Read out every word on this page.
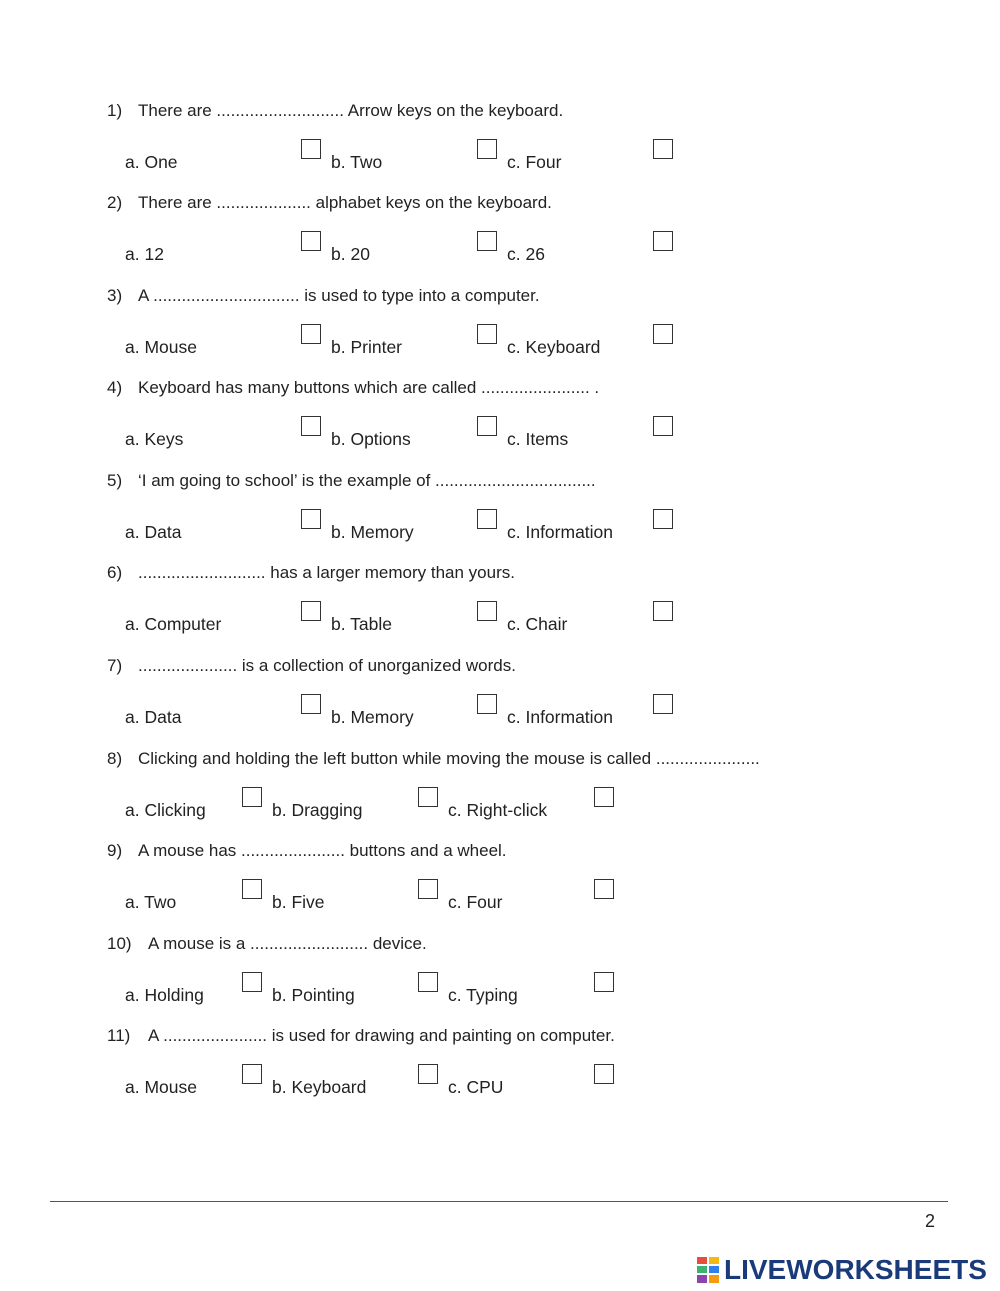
1) There are ........................... Arrow keys on the keyboard.
a. One	b. Two	c. Four
2) There are .................... alphabet keys on the keyboard.
a. 12	b. 20	c. 26
3) A ............................... is used to type into a computer.
a. Mouse	b. Printer	c. Keyboard
4) Keyboard has many buttons which are called ....................... .
a. Keys	b. Options	c. Items
5) ‘I am going to school’ is the example of ..................................
a. Data	b. Memory	c. Information
6) ........................... has a larger memory than yours.
a. Computer	b. Table	c. Chair
7) ..................... is a collection of unorganized words.
a. Data	b. Memory	c. Information
8) Clicking and holding the left button while moving the mouse is called ......................
a. Clicking	b. Dragging	c. Right-click
9) A mouse has ...................... buttons and a wheel.
a. Two	b. Five	c. Four
10) A mouse is a ......................... device.
a. Holding	b. Pointing	c. Typing
11) A ...................... is used for drawing and painting on computer.
a. Mouse	b. Keyboard	c. CPU
2
LIVEWORKSHEETS
